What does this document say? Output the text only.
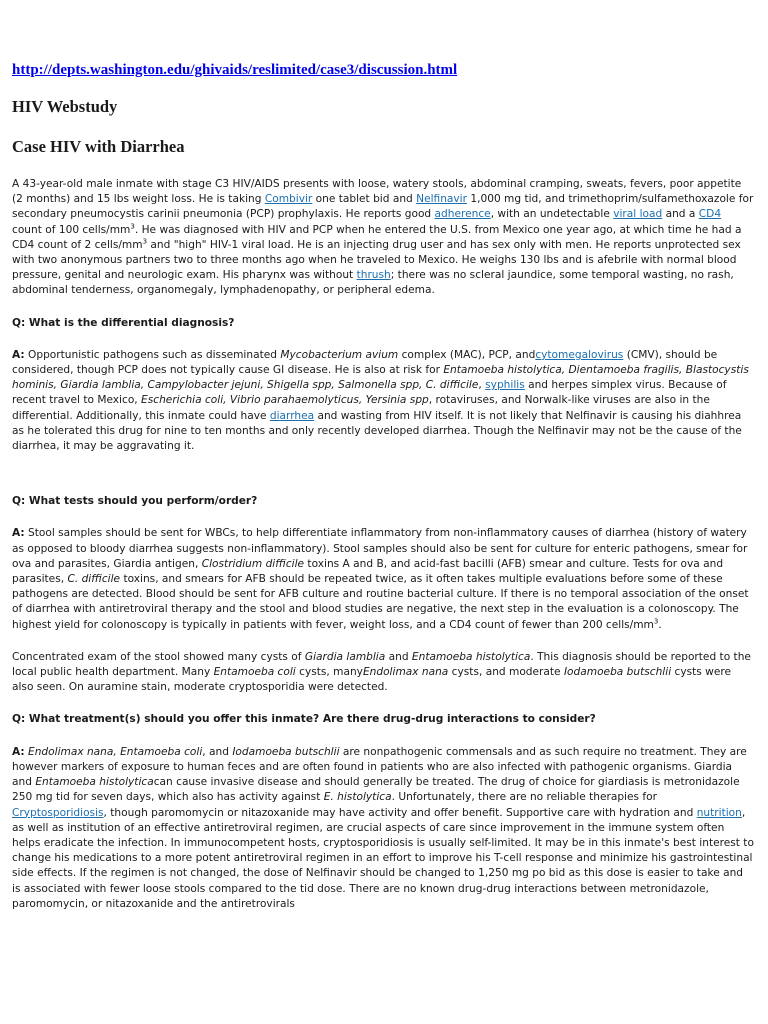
http://depts.washington.edu/ghivaids/reslimited/case3/discussion.html
HIV Webstudy
Case HIV with Diarrhea

A 43-year-old male inmate with stage C3 HIV/AIDS presents with loose, watery stools, abdominal cramping, sweats, fevers, poor appetite (2 months) and 15 lbs weight loss. He is taking Combivir one tablet bid and Nelfinavir 1,000 mg tid, and trimethoprim/sulfamethoxazole for secondary pneumocystis carinii pneumonia (PCP) prophylaxis. He reports good adherence, with an undetectable viral load and a CD4 count of 100 cells/$mm^3$. He was diagnosed with HIV and PCP when he entered the U.S. from Mexico one year ago, at which time he had a CD4 count of 2 cells/$mm^3$ and "high" HIV-1 viral load. He is an injecting drug user and has sex only with men. He reports unprotected sex with two anonymous partners two to three months ago when he traveled to Mexico. He weighs 130 lbs and is afebrile with normal blood pressure, genital and neurologic exam. His pharynx was without thrush; there was no scleral jaundice, some temporal wasting, no rash, abdominal tenderness, organomegaly, lymphadenopathy, or peripheral edema.

Q: What is the differential diagnosis?

A: Opportunistic pathogens such as disseminated Mycobacterium avium complex (MAC), PCP, andcytomegalovirus (CMV), should be considered, though PCP does not typically cause GI disease. He is also at risk for Entamoeba histolytica, Dientamoeba fragilis, Blastocystis hominis, Giardia lamblia, Campylobacter jejuni, Shigella spp, Salmonella spp, C. difficile, syphilis and herpes simplex virus. Because of recent travel to Mexico, Escherichia coli, Vibrio parahaemolyticus, Yersinia spp, rotaviruses, and Norwalk-like viruses are also in the differential. Additionally, this inmate could have diarrhea and wasting from HIV itself. It is not likely that Nelfinavir is causing his diahhrea as he tolerated this drug for nine to ten months and only recently developed diarrhea. Though the Nelfinavir may not be the cause of the diarrhea, it may be aggravating it.

Q: What tests should you perform/order?

A: Stool samples should be sent for WBCs, to help differentiate inflammatory from non-inflammatory causes of diarrhea (history of watery as opposed to bloody diarrhea suggests non-inflammatory). Stool samples should also be sent for culture for enteric pathogens, smear for ova and parasites, Giardia antigen, Clostridium difficile toxins A and B, and acid-fast bacilli (AFB) smear and culture. Tests for ova and parasites, C. difficile toxins, and smears for AFB should be repeated twice, as it often takes multiple evaluations before some of these pathogens are detected. Blood should be sent for AFB culture and routine bacterial culture. If there is no temporal association of the onset of diarrhea with antiretroviral therapy and the stool and blood studies are negative, the next step in the evaluation is a colonoscopy. The highest yield for colonoscopy is typically in patients with fever, weight loss, and a CD4 count of fewer than 200 cells/$mm^3$.

Concentrated exam of the stool showed many cysts of Giardia lamblia and Entamoeba histolytica. This diagnosis should be reported to the local public health department. Many Entamoeba coli cysts, manyEndolimax nana cysts, and moderate Iodamoeba butschlii cysts were also seen. On auramine stain, moderate cryptosporidia were detected.

Q: What treatment(s) should you offer this inmate? Are there drug-drug interactions to consider?

A: Endolimax nana, Entamoeba coli, and Iodamoeba butschlii are nonpathogenic commensals and as such require no treatment. They are however markers of exposure to human feces and are often found in patients who are also infected with pathogenic organisms. Giardia and Entamoeba histolyticacan cause invasive disease and should generally be treated. The drug of choice for giardiasis is metronidazole 250 mg tid for seven days, which also has activity against E. histolytica. Unfortunately, there are no reliable therapies for Cryptosporidiosis, though paromomycin or nitazoxanide may have activity and offer benefit. Supportive care with hydration and nutrition, as well as institution of an effective antiretroviral regimen, are crucial aspects of care since improvement in the immune system often helps eradicate the infection. In immunocompetent hosts, cryptosporidiosis is usually self-limited. It may be in this inmate's best interest to change his medications to a more potent antiretroviral regimen in an effort to improve his T-cell response and minimize his gastrointestinal side effects. If the regimen is not changed, the dose of Nelfinavir should be changed to 1,250 mg po bid as this dose is easier to take and is associated with fewer loose stools compared to the tid dose. There are no known drug-drug interactions between metronidazole, paromomycin, or nitazoxanide and the antiretrovirals
